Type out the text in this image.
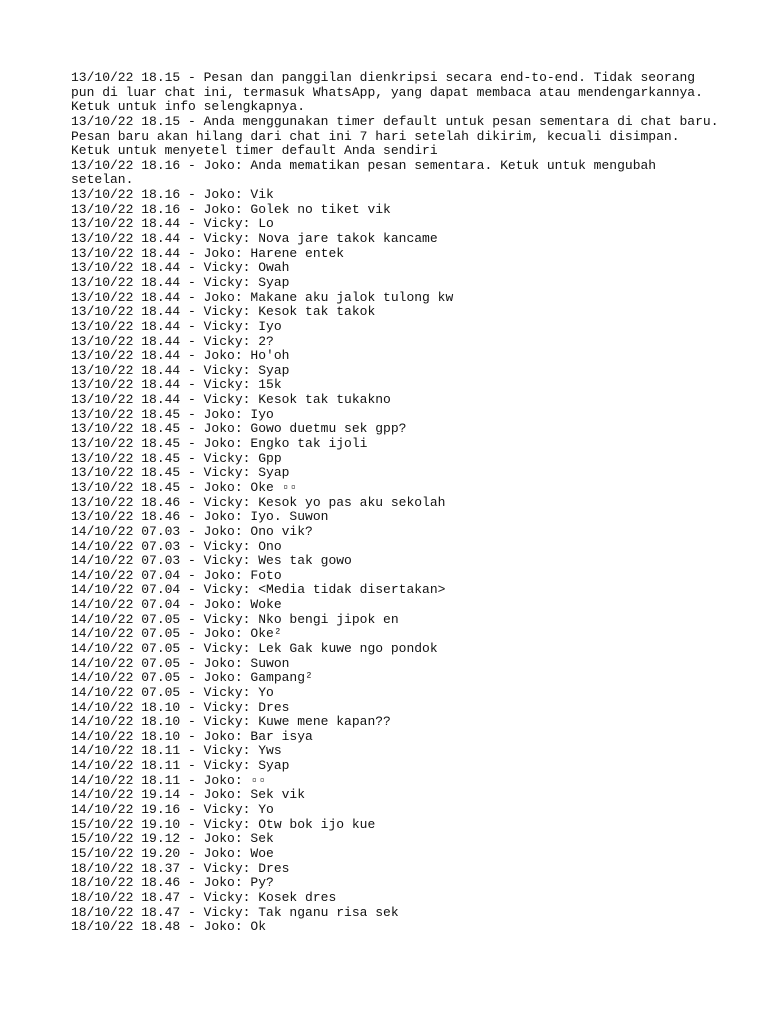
13/10/22 18.15 - Pesan dan panggilan dienkripsi secara end-to-end. Tidak seorang
pun di luar chat ini, termasuk WhatsApp, yang dapat membaca atau mendengarkannya.
Ketuk untuk info selengkapnya.
13/10/22 18.15 - Anda menggunakan timer default untuk pesan sementara di chat baru.
Pesan baru akan hilang dari chat ini 7 hari setelah dikirim, kecuali disimpan.
Ketuk untuk menyetel timer default Anda sendiri
13/10/22 18.16 - Joko: Anda mematikan pesan sementara. Ketuk untuk mengubah
setelan.
13/10/22 18.16 - Joko: Vik
13/10/22 18.16 - Joko: Golek no tiket vik
13/10/22 18.44 - Vicky: Lo
13/10/22 18.44 - Vicky: Nova jare takok kancame
13/10/22 18.44 - Joko: Harene entek
13/10/22 18.44 - Vicky: Owah
13/10/22 18.44 - Vicky: Syap
13/10/22 18.44 - Joko: Makane aku jalok tulong kw
13/10/22 18.44 - Vicky: Kesok tak takok
13/10/22 18.44 - Vicky: Iyo
13/10/22 18.44 - Vicky: 2?
13/10/22 18.44 - Joko: Ho'oh
13/10/22 18.44 - Vicky: Syap
13/10/22 18.44 - Vicky: 15k
13/10/22 18.44 - Vicky: Kesok tak tukakno
13/10/22 18.45 - Joko: Iyo
13/10/22 18.45 - Joko: Gowo duetmu sek gpp?
13/10/22 18.45 - Joko: Engko tak ijoli
13/10/22 18.45 - Vicky: Gpp
13/10/22 18.45 - Vicky: Syap
13/10/22 18.45 - Joko: Oke ▫▫
13/10/22 18.46 - Vicky: Kesok yo pas aku sekolah
13/10/22 18.46 - Joko: Iyo. Suwon
14/10/22 07.03 - Joko: Ono vik?
14/10/22 07.03 - Vicky: Ono
14/10/22 07.03 - Vicky: Wes tak gowo
14/10/22 07.04 - Joko: Foto
14/10/22 07.04 - Vicky: <Media tidak disertakan>
14/10/22 07.04 - Joko: Woke
14/10/22 07.05 - Vicky: Nko bengi jipok en
14/10/22 07.05 - Joko: Oke²
14/10/22 07.05 - Vicky: Lek Gak kuwe ngo pondok
14/10/22 07.05 - Joko: Suwon
14/10/22 07.05 - Joko: Gampang²
14/10/22 07.05 - Vicky: Yo
14/10/22 18.10 - Vicky: Dres
14/10/22 18.10 - Vicky: Kuwe mene kapan??
14/10/22 18.10 - Joko: Bar isya
14/10/22 18.11 - Vicky: Yws
14/10/22 18.11 - Vicky: Syap
14/10/22 18.11 - Joko: ▫▫
14/10/22 19.14 - Joko: Sek vik
14/10/22 19.16 - Vicky: Yo
15/10/22 19.10 - Vicky: Otw bok ijo kue
15/10/22 19.12 - Joko: Sek
15/10/22 19.20 - Joko: Woe
18/10/22 18.37 - Vicky: Dres
18/10/22 18.46 - Joko: Py?
18/10/22 18.47 - Vicky: Kosek dres
18/10/22 18.47 - Vicky: Tak nganu risa sek
18/10/22 18.48 - Joko: Ok
